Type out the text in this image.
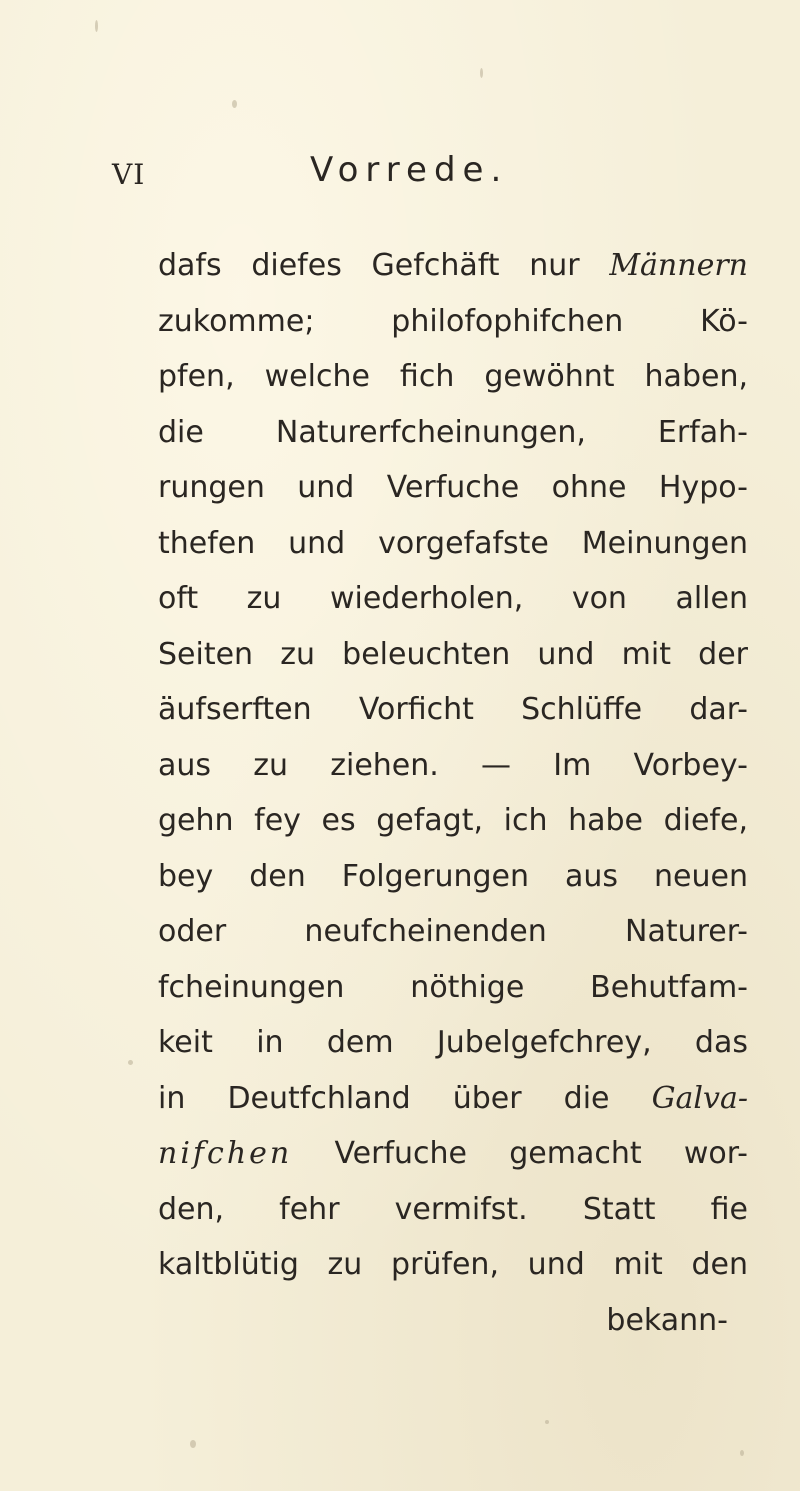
VI	Vorrede.
dafs diefes Gefchäft nur Männern
zukomme; philofophifchen Kö-
pfen, welche fich gewöhnt haben,
die Naturerfcheinungen, Erfah-
rungen und Verfuche ohne Hypo-
thefen und vorgefafste Meinungen
oft zu wiederholen, von allen
Seiten zu beleuchten und mit der
äufserften Vorficht Schlüffe dar-
aus zu ziehen. — Im Vorbey-
gehn fey es gefagt, ich habe diefe,
bey den Folgerungen aus neuen
oder neufcheinenden Naturer-
fcheinungen nöthige Behutfam-
keit in dem Jubelgefchrey, das
in Deutfchland über die Galva-
nifchen Verfuche gemacht wor-
den, fehr vermifst. Statt fie
kaltblütig zu prüfen, und mit den
bekann-
